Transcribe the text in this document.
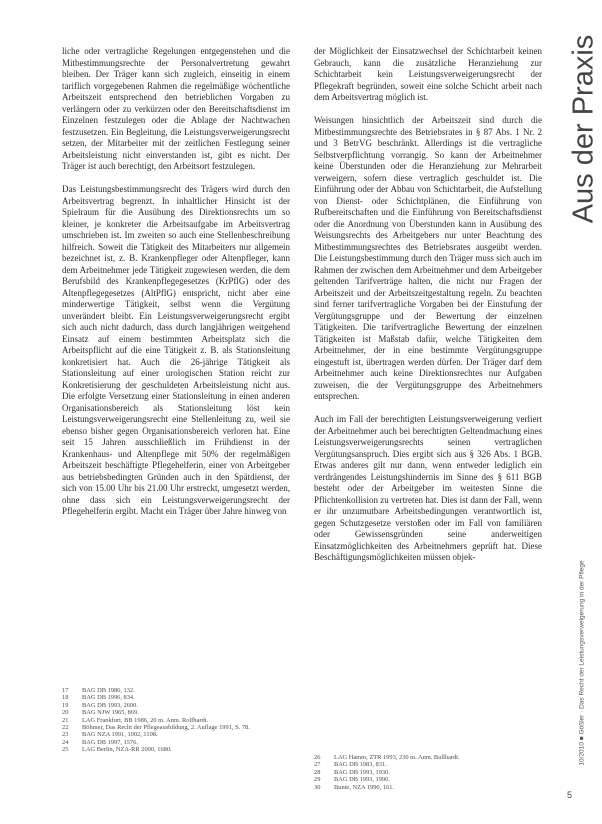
Aus der Praxis

liche oder vertragliche Regelungen entgegenstehen und die Mitbestimmungsrechte der Personalvertretung gewahrt bleiben. Der Träger kann sich zugleich, einseitig in einem tariflich vorgegebenen Rahmen die regelmäßige wöchentliche Arbeitszeit entsprechend den betrieblichen Vorgaben zu verlängern oder zu verkürzen oder den Bereitschaftsdienst im Einzelnen festzulegen oder die Ablage der Nachtwachen festzusetzen. Ein Begleitung, die Leistungsverweigerungsrecht setzen, der Mitarbeiter mit der zeitlichen Festlegung seiner Arbeitsleistung nicht einverstanden ist, gibt es nicht. Der Träger ist auch berechtigt, den Arbeitsort festzulegen.

Das Leistungsbestimmungsrecht des Trägers wird durch den Arbeitsvertrag begrenzt. In inhaltlicher Hinsicht ist der Spielraum für die Ausübung des Direktionsrechts um so kleiner, je konkreter die Arbeitsaufgabe im Arbeitsvertrag umschrieben ist. Im zweiten so auch eine Stellenbeschreibung hilfreich. Soweit die Tätigkeit des Mitarbeiters nur allgemein bezeichnet ist, z. B. Krankenpfleger oder Altenpfleger, kann dem Arbeitnehmer jede Tätigkeit zugewiesen werden, die dem Berufsbild des Krankenpflegegesetzes (KrPflG) oder des Altenpflegegesetzes (AltPflG) entspricht, nicht aber eine minderwertige Tätigkeit, selbst wenn die Vergütung unverändert bleibt. Ein Leistungsverweigerungsrecht ergibt sich auch nicht dadurch, dass durch langjährigen weitgehend Einsatz auf einem bestimmten Arbeitsplatz sich die Arbeitspflicht auf die eine Tätigkeit z. B. als Stationsleitung konkretisiert hat. Auch die 26-jährige Tätigkeit als Stationsleitung auf einer urologischen Station reicht zur Konkretisierung der geschuldeten Arbeitsleistung nicht aus. Die erfolgte Versetzung einer Stationsleitung in einen anderen Organisationsbereich als Stationsleitung löst kein Leistungsverweigerungsrecht eine Stellenleitung zu, weil sie ebenso bisher gegen Organisationsbereich verloren hat. Eine seit 15 Jahren ausschließlich im Frühdienst in der Krankenhaus- und Altenpflege mit 50% der regelmäßigen Arbeitszeit beschäftigte Pflegehelferin, einer von Arbeitgeber aus betriebsbedingten Gründen auch in den Spätdienst, der sich von 15.00 Uhr bis 21.00 Uhr erstreckt, umgesetzt werden, ohne dass sich ein Leistungsverweigerungsrecht der Pflegehelferin ergibt. Macht ein Träger über Jahre hinweg von

der Möglichkeit der Einsatzwechsel der Schichtarbeit keinen Gebrauch, kann die zusätzliche Heranziehung zur Schichtarbeit kein Leistungsverweigerungsrecht der Pflegekraft begründen, soweit eine solche Schicht arbeit nach dem Arbeitsvertrag möglich ist.

Weisungen hinsichtlich der Arbeitszeit sind durch die Mitbestimmungsrechte des Betriebsrates in § 87 Abs. 1 Nr. 2 und 3 BetrVG beschränkt. Allerdings ist die vertragliche Selbstverpflichtung vorrangig. So kann der Arbeitnehmer keine Überstunden oder die Heranziehung zur Mehrarbeit verweigern, sofern diese vertraglich geschuldet ist. Die Einführung oder der Abbau von Schichtarbeit, die Aufstellung von Dienst- oder Schichtplänen, die Einführung von Rufbereitschaften und die Einführung von Bereitschaftsdienst oder die Anordnung von Überstunden kann in Ausübung des Weisungsrechts des Arbeitgebers nur unter Beachtung des Mitbestimmungsrechtes des Betriebsrates ausgeübt werden. Die Leistungsbestimmung durch den Träger muss sich auch im Rahmen der zwischen dem Arbeitnehmer und dem Arbeitgeber geltenden Tarifverträge halten, die nicht nur Fragen der Arbeitszeit und der Arbeitszeitgestaltung regeln. Zu beachten sind ferner tarifvertragliche Vorgaben bei der Einstufung der Vergütungsgruppe und der Bewertung der einzelnen Tätigkeiten. Die tarifvertragliche Bewertung der einzelnen Tätigkeiten ist Maßstab dafür, welche Tätigkeiten dem Arbeitnehmer, der in eine bestimmte Vergütungsgruppe eingestuft ist, übertragen werden dürfen. Der Träger darf dem Arbeitnehmer auch keine Direktionsrechtes nur Aufgaben zuweisen, die der Vergütungsgruppe des Arbeitnehmers entsprechen.

Auch im Fall der berechtigten Leistungsverweigerung verliert der Arbeitnehmer auch bei berechtigten Geltendmachung eines Leistungsverweigerungsrechts seinen vertraglichen Vergütungsanspruch. Dies ergibt sich aus § 326 Abs. 1 BGB. Etwas anderes gilt nur dann, wenn entweder lediglich ein verdrängendes Leistungshindernis im Sinne des § 611 BGB besteht oder der Arbeitgeber im weitesten Sinne die Pflichtenkollision zu vertreten hat. Dies ist dann der Fall, wenn er ihr unzumutbare Arbeitsbedingungen verantwortlich ist, gegen Schutzgesetze verstoßen oder im Fall von familiären oder Gewissensgründen seine anderweitigen Einsatzmöglichkeiten des Arbeitnehmers geprüft hat. Diese Beschäftigungsmöglichkeiten müssen objek-

17	BAG DB 1986, 132.
18	BAG DB 1996, 834.
19	BAG DB 1993, 2600.
20	BAG NJW 1965, 869.
21	LAG Frankfurt, BB 1986, 20 m. Anm. Rolfhardt.
22	Böhmer, Das Recht der Pflegeausbildung, 2. Auflage 1991, S. 78.
23	BAG NZA 1991, 1002, 1108.
24	BAG DB 1997, 1576.
25	LAG Berlin, NZA-RR 2000, 1680.
26	LAG Hamm, ZTR 1993, 230 m. Anm. Bullhardt.
27	BAG DB 1983, 831.
28	BAG DB 1993, 1930.
29	BAG DB 1993, 1990.
30	Bunte, NZA 1990, 161.
10/2010 ■ Gößler · Das Recht der Leistungsverweigerung in der Pflege
5
